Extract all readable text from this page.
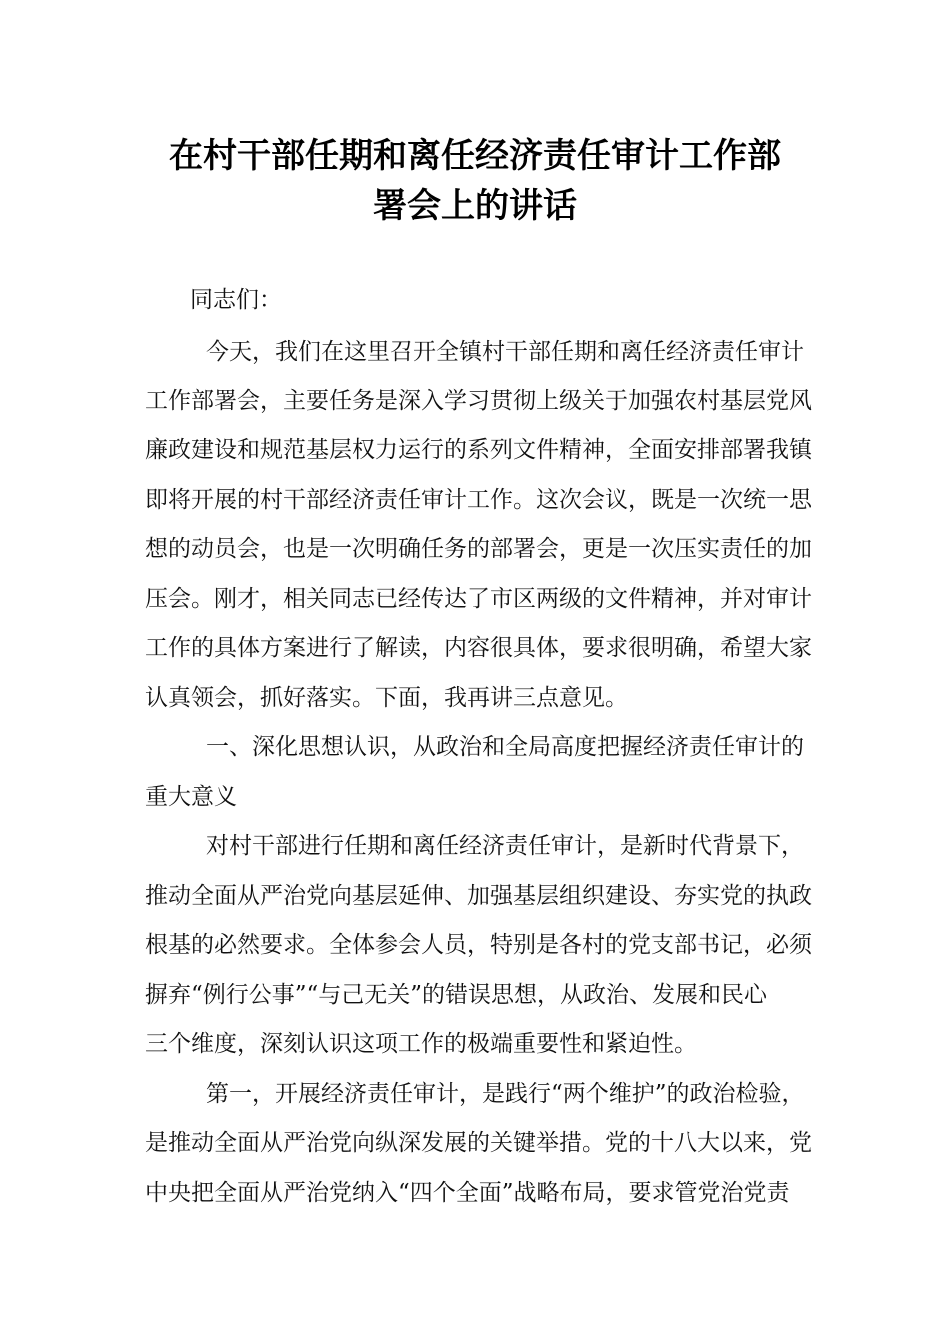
在村干部任期和离任经济责任审计工作部
署会上的讲话

同志们：

今天，我们在这里召开全镇村干部任期和离任经济责任审计

工作部署会，主要任务是深入学习贯彻上级关于加强农村基层党风

廉政建设和规范基层权力运行的系列文件精神，全面安排部署我镇

即将开展的村干部经济责任审计工作。这次会议，既是一次统一思

想的动员会，也是一次明确任务的部署会，更是一次压实责任的加

压会。刚才，相关同志已经传达了市区两级的文件精神，并对审计

工作的具体方案进行了解读，内容很具体，要求很明确，希望大家

认真领会，抓好落实。下面，我再讲三点意见。

一、深化思想认识，从政治和全局高度把握经济责任审计的

重大意义

对村干部进行任期和离任经济责任审计，是新时代背景下，

推动全面从严治党向基层延伸、加强基层组织建设、夯实党的执政

根基的必然要求。全体参会人员，特别是各村的党支部书记，必须

摒弃“例行公事”“与己无关”的错误思想，从政治、发展和民心

三个维度，深刻认识这项工作的极端重要性和紧迫性。

第一，开展经济责任审计，是践行“两个维护”的政治检验，

是推动全面从严治党向纵深发展的关键举措。党的十八大以来，党

中央把全面从严治党纳入“四个全面”战略布局，要求管党治党责
